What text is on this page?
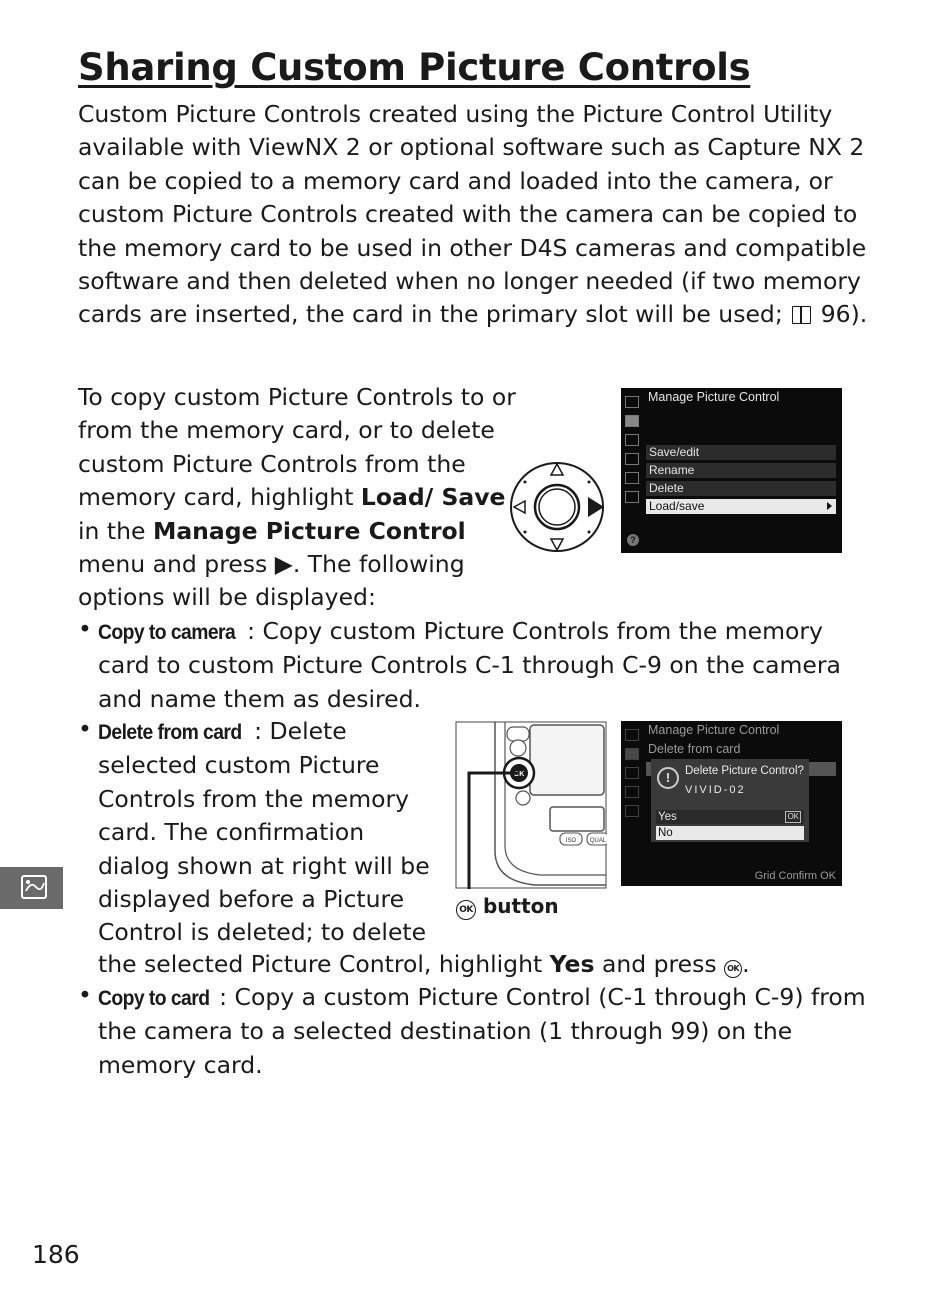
Sharing Custom Picture Controls
Custom Picture Controls created using the Picture Control Utility available with ViewNX 2 or optional software such as Capture NX 2 can be copied to a memory card and loaded into the camera, or custom Picture Controls created with the camera can be copied to the memory card to be used in other D4S cameras and compatible software and then deleted when no longer needed (if two memory cards are inserted, the card in the primary slot will be used; 96).
To copy custom Picture Controls to or from the memory card, or to delete custom Picture Controls from the memory card, highlight Load/ Save in the Manage Picture Control menu and press ▶. The following options will be displayed:
Manage Picture Control
Save/edit
Rename
Delete
Load/save
?
• Copy to camera : Copy custom Picture Controls from the memory card to custom Picture Controls C-1 through C-9 on the camera and name them as desired.
• Delete from card : Delete selected custom Picture Controls from the memory card. The confirmation dialog shown at right will be displayed before a Picture Control is deleted; to delete
the selected Picture Control, highlight Yes and press OK .
• Copy to card : Copy a custom Picture Control (C-1 through C-9) from the camera to a selected destination (1 through 99) on the memory card.
OK
ISO QUAL
OK button
Manage Picture Control
Delete from card
!	Delete Picture Control?
VIVID-02
Yes	OK
No
Grid Confirm OK
186
